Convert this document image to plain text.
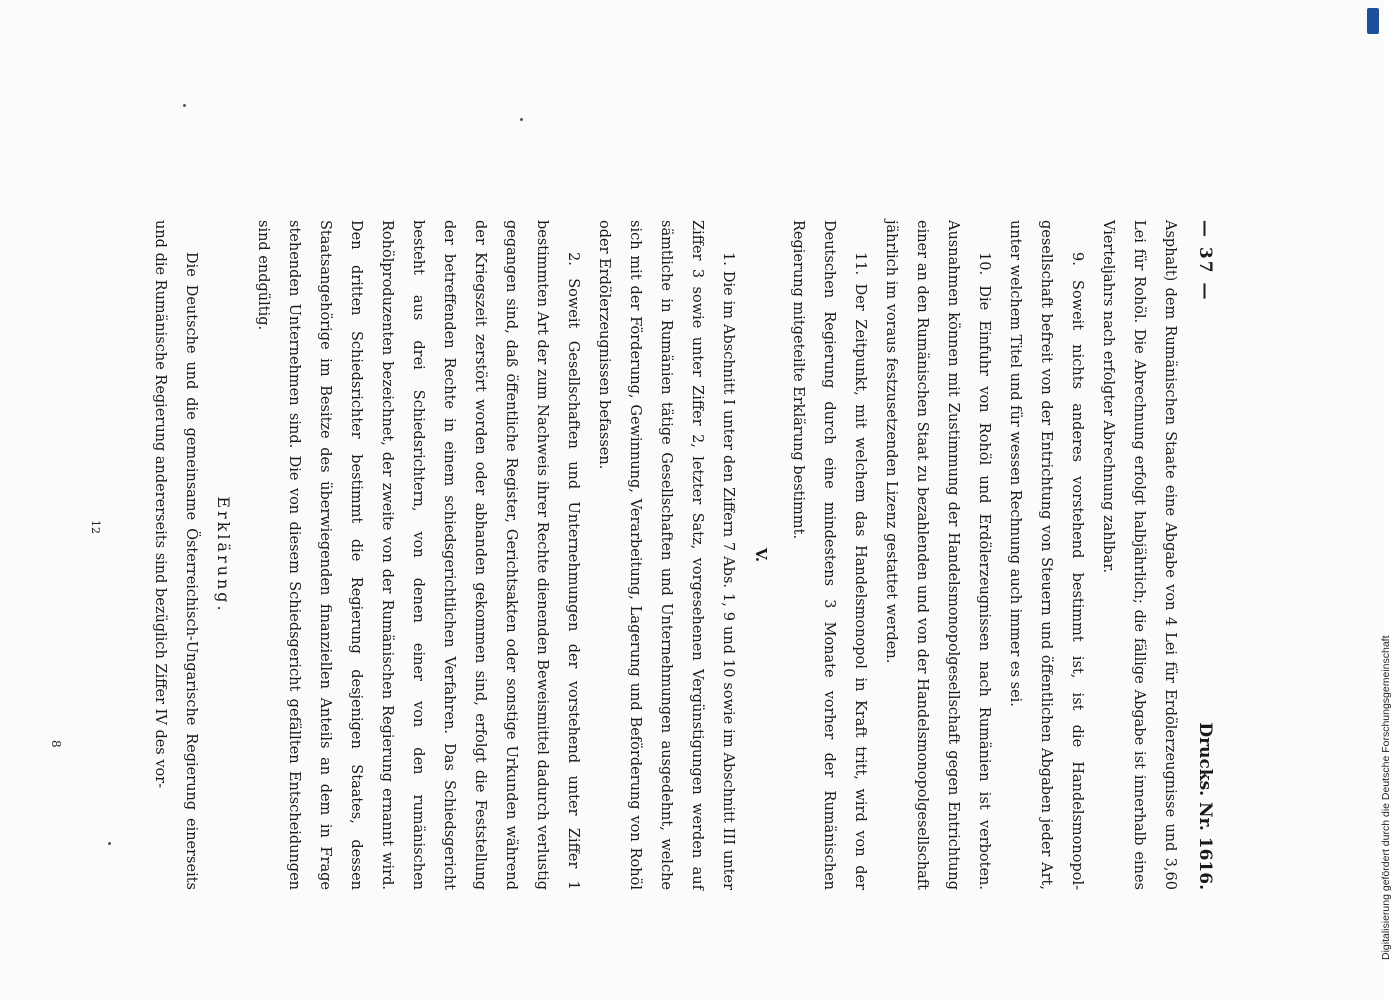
— 37 —
Drucks. Nr. 1616.

Asphalt) dem Rumänischen Staate eine Abgabe von 4 Lei für Erdölerzeugnisse und 3,60 Lei für Rohöl. Die Abrechnung erfolgt halbjährlich; die fällige Abgabe ist innerhalb eines Vierteljahrs nach erfolgter Abrechnung zahlbar.

9. Soweit nichts anderes vorstehend bestimmt ist, ist die Handelsmonopol-gesellschaft befreit von der Entrichtung von Steuern und öffentlichen Abgaben jeder Art, unter welchem Titel und für wessen Rechnung auch immer es sei.

10. Die Einfuhr von Rohöl und Erdölerzeugnissen nach Rumänien ist verboten. Ausnahmen können mit Zustimmung der Handelsmonopolgesellschaft gegen Entrichtung einer an den Rumänischen Staat zu bezahlenden und von der Handelsmonopolgesellschaft jährlich im voraus festzusetzenden Lizenz gestattet werden.

11. Der Zeitpunkt, mit welchem das Handelsmonopol in Kraft tritt, wird von der Deutschen Regierung durch eine mindestens 3 Monate vorher der Rumänischen Regierung mitgeteilte Erklärung bestimmt.

V.

1. Die im Abschnitt I unter den Ziffern 7 Abs. 1, 9 und 10 sowie im Abschnitt III unter Ziffer 3 sowie unter Ziffer 2, letzter Satz, vorgesehenen Vergünstigungen werden auf sämtliche in Rumänien tätige Gesellschaften und Unternehmungen ausgedehnt, welche sich mit der Förderung, Gewinnung, Verarbeitung, Lagerung und Beförderung von Rohöl oder Erdölerzeugnissen befassen.

2. Soweit Gesellschaften und Unternehmungen der vorstehend unter Ziffer 1 bestimmten Art der zum Nachweis ihrer Rechte dienenden Beweismittel dadurch verlustig gegangen sind, daß öffentliche Register, Gerichtsakten oder sonstige Urkunden während der Kriegszeit zerstört worden oder abhanden gekommen sind, erfolgt die Feststellung der betreffenden Rechte in einem schiedsgerichtlichen Verfahren. Das Schiedsgericht besteht aus drei Schiedsrichtern, von denen einer von den rumänischen Rohölproduzenten bezeichnet, der zweite von der Rumänischen Regierung ernannt wird. Den dritten Schiedsrichter bestimmt die Regierung desjenigen Staates, dessen Staatsangehörige im Besitze des überwiegenden finanziellen Anteils an dem in Frage stehenden Unternehmen sind. Die von diesem Schiedsgericht gefällten Entscheidungen sind endgültig.

Erklärung.

Die Deutsche und die gemeinsame Österreichisch-Ungarische Regierung einerseits und die Rumänische Regierung andererseits sind bezüglich Ziffer IV des vor-

12
8
DFG
Digitalisierung gefördert durch die Deutsche Forschungsgemeinschaft
